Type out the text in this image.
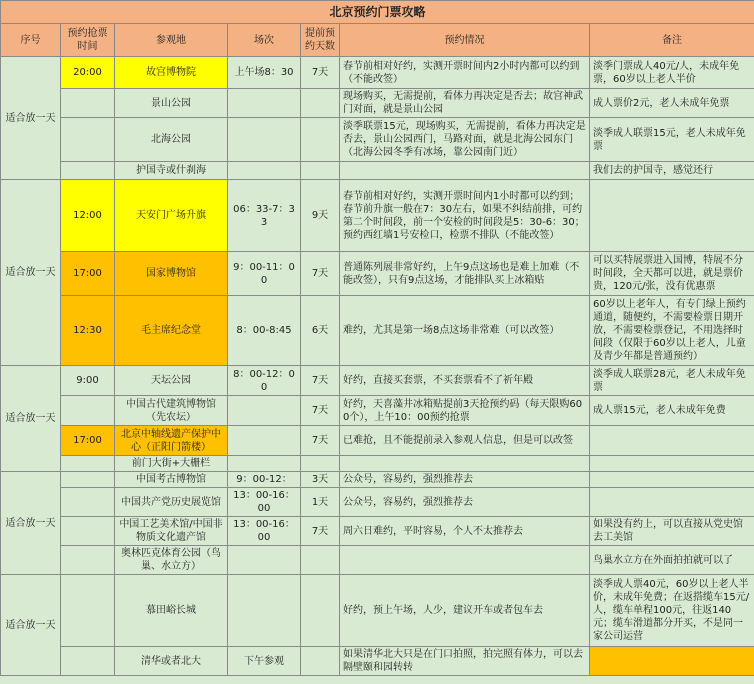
北京预约门票攻略						
序号	预约抢票时间	参观地	场次	提前预约天数	预约情况	备注
适合放一天	20:00	故宫博物院	上午场8：30	7天	春节前相对好约，实测开票时间内2小时内都可以约到（不能改签）	淡季门票成人40元/人，未成年免票，60岁以上老人半价
		景山公园			现场购买，无需提前，看体力再决定是否去；故宫神武门对面，就是景山公园	成人票价2元，老人未成年免票
		北海公园			淡季联票15元，现场购买，无需提前，看体力再决定是否去，景山公园西门，马路对面，就是北海公园东门（北海公园冬季有冰场，靠公园南门近）	淡季成人联票15元，老人未成年免票
		护国寺或什刹海				我们去的护国寺，感觉还行
适合放一天	12:00	天安门广场升旗	06：33-7：33	9天	春节前相对好约，实测开票时间内1小时都可以约到；春节前升旗一般在7：30左右，如果不纠结前排，可约第二个时间段，前一个安检的时间段是5：30-6：30；预约西红墙1号安检口，检票不排队（不能改签）	
	17:00	国家博物馆	9：00-11：00	7天	普通陈列展非常好约，上午9点这场也是难上加难（不能改签），只有9点这场，才能排队买上冰箱贴	可以买特展票进入国博，特展不分时间段，全天都可以进，就是票价贵，120元/张，没有优惠票
	12:30	毛主席纪念堂	8：00-8:45	6天	难约，尤其是第一场8点这场非常难（可以改签）	60岁以上老年人，有专门绿上预约通道，随便约，不需要检票日期开放，不需要检票登记，不用选择时间段（仅限于60岁以上老人，儿童及青少年都是普通预约）
适合放一天	9:00	天坛公园	8：00-12：00	7天	好约，直接买套票，不买套票看不了祈年殿	淡季成人联票28元，老人未成年免票
		中国古代建筑博物馆（先农坛）		7天	好约，天喜藻井冰箱贴提前3天抢预约码（每天限购600个），上午10：00预约抢票	成人票15元，老人未成年免费
	17:00	北京中轴线遗产保护中心（正阳门箭楼）		7天	已难抢，且不能提前录入参观人信息，但是可以改签	
		前门大街+大栅栏				
适合放一天		中国考古博物馆	9：00-12：	3天	公众号，容易约，强烈推荐去	
		中国共产党历史展览馆	13：00-16：00	1天	公众号，容易约，强烈推荐去	
		中国工艺美术馆/中国非物质文化遗产馆	13：00-16：00	7天	周六日难约，平时容易，个人不太推荐去	如果没有约上，可以直接从党史馆去工美馆
		奥林匹克体育公园（鸟巢、水立方）				鸟巢水立方在外面拍拍就可以了
适合放一天		慕田峪长城			好约，预上午场，人少，建议开车或者包车去	淡季成人票40元，60岁以上老人半价，未成年免费；在返搭缆车15元/人，缆车单程100元，往返140元；缆车滑道都分开买，不是同一家公司运营
		清华或者北大	下午参观		如果清华北大只是在门口拍照，拍完照有体力，可以去隔壁颐和园转转	
